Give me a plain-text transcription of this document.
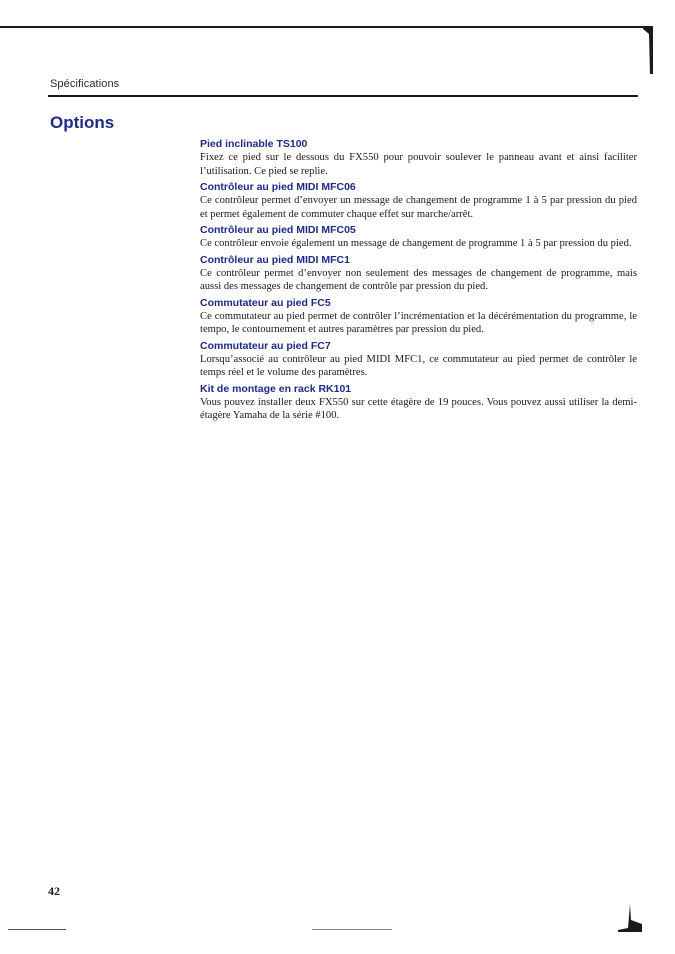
Spécifications
Options
Pied inclinable TS100

Fixez ce pied sur le dessous du FX550 pour pouvoir soulever le panneau avant et ainsi faciliter l’utilisation. Ce pied se replie.

Contrôleur au pied MIDI MFC06

Ce contrôleur permet d’envoyer un message de changement de programme 1 à 5 par pression du pied et permet également de commuter chaque effet sur marche/arrêt.

Contrôleur au pied MIDI MFC05

Ce contrôleur envoie également un message de changement de programme 1 à 5 par pression du pied.

Contrôleur au pied MIDI MFC1

Ce contrôleur permet d’envoyer non seulement des messages de changement de programme, mais aussi des messages de changement de contrôle par pression du pied.

Commutateur au pied FC5

Ce commutateur au pied permet de contrôler l’incrémentation et la décérémentation du programme, le tempo, le contournement et autres paramètres par pression du pied.

Commutateur au pied FC7

Lorsqu’associé au contrôleur au pied MIDI MFC1, ce commutateur au pied permet de contrôler le temps réel et le volume des paramètres.

Kit de montage en rack RK101

Vous pouvez installer deux FX550 sur cette étagère de 19 pouces. Vous pouvez aussi utiliser la demi-étagère Yamaha de la série #100.

42
